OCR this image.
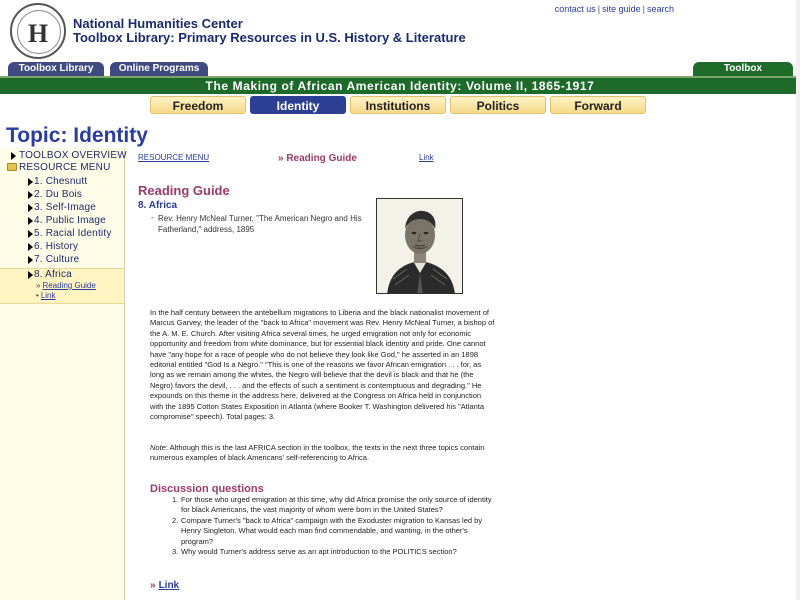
H	National Humanities Center
Toolbox Library: Primary Resources in U.S. History & Literature
contact us | site guide | search
Toolbox Library	Online Programs	Toolbox
The Making of African American Identity: Volume II, 1865-1917
Freedom	Identity	Institutions	Politics	Forward
Topic: Identity
TOOLBOX OVERVIEW
RESOURCE MENU
1. Chesnutt
2. Du Bois
3. Self-Image
4. Public Image
5. Racial Identity
6. History
7. Culture
8. Africa
» Reading Guide
• Link
RESOURCE MENU	» Reading Guide	Link
Reading Guide
8. Africa
- Rev. Henry McNeal Turner, "The American Negro and His Fatherland," address, 1895
In the half century between the antebellum migrations to Liberia and the black nationalist movement of Marcus Garvey, the leader of the "back to Africa" movement was Rev. Henry McNeal Turner, a bishop of the A. M. E. Church. After visiting Africa several times, he urged emigration not only for economic opportunity and freedom from white dominance, but for essential black identity and pride. One cannot have "any hope for a race of people who do not believe they look like God," he asserted in an 1898 editorial entitled "God Is a Negro." "This is one of the reasons we favor African emigration . . . for, as long as we remain among the whites, the Negro will believe that the devil is black and that he (the Negro) favors the devil, . . . and the effects of such a sentiment is contemptuous and degrading." He expounds on this theme in the address here, delivered at the Congress on Africa held in conjunction with the 1895 Cotton States Exposition in Atlanta (where Booker T. Washington delivered his "Atlanta compromise" speech). Total pages: 3.
Note: Although this is the last AFRICA section in the toolbox, the texts in the next three topics contain numerous examples of black Americans' self-referencing to Africa.
Discussion questions
1. For those who urged emigration at this time, why did Africa promise the only source of identity for black Americans, the vast majority of whom were born in the United States?
2. Compare Turner's "back to Africa" campaign with the Exoduster migration to Kansas led by Henry Singleton. What would each man find commendable, and wanting, in the other's program?
3. Why would Turner's address serve as an apt introduction to the POLITICS section?
» Link
